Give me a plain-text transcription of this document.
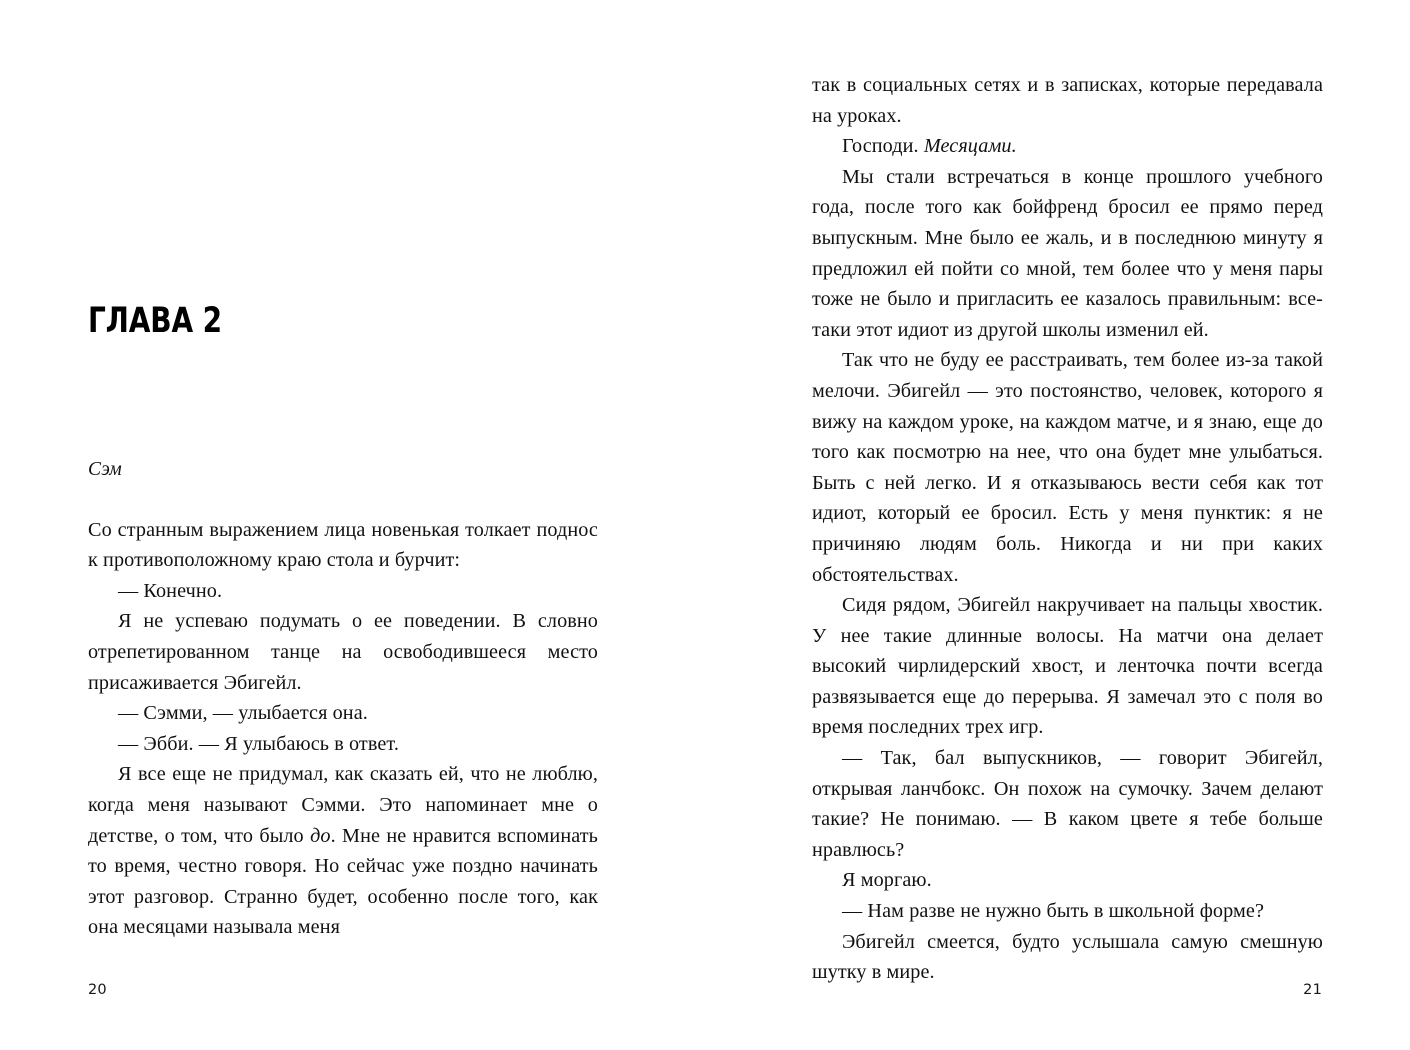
ГЛАВА 2

Сэм

Со странным выражением лица новенькая толкает поднос к противоположному краю стола и бурчит:

— Конечно.

Я не успеваю подумать о ее поведении. В словно отрепетированном танце на освободившееся место присаживается Эбигейл.

— Сэмми, — улыбается она.

— Эбби. — Я улыбаюсь в ответ.

Я все еще не придумал, как сказать ей, что не люблю, когда меня называют Сэмми. Это напоминает мне о детстве, о том, что было до. Мне не нравится вспоминать то время, честно говоря. Но сейчас уже поздно начинать этот разговор. Странно будет, особенно после того, как она месяцами называла меня

20

так в социальных сетях и в записках, которые передавала на уроках.

Господи. Месяцами.

Мы стали встречаться в конце прошлого учебного года, после того как бойфренд бросил ее прямо перед выпускным. Мне было ее жаль, и в последнюю минуту я предложил ей пойти со мной, тем более что у меня пары тоже не было и пригласить ее казалось правильным: все-таки этот идиот из другой школы изменил ей.

Так что не буду ее расстраивать, тем более из-за такой мелочи. Эбигейл — это постоянство, человек, которого я вижу на каждом уроке, на каждом матче, и я знаю, еще до того как посмотрю на нее, что она будет мне улыбаться. Быть с ней легко. И я отказываюсь вести себя как тот идиот, который ее бросил. Есть у меня пунктик: я не причиняю людям боль. Никогда и ни при каких обстоятельствах.

Сидя рядом, Эбигейл накручивает на пальцы хвостик. У нее такие длинные волосы. На матчи она делает высокий чирлидерский хвост, и ленточка почти всегда развязывается еще до перерыва. Я замечал это с поля во время последних трех игр.

— Так, бал выпускников, — говорит Эбигейл, открывая ланчбокс. Он похож на сумочку. Зачем делают такие? Не понимаю. — В каком цвете я тебе больше нравлюсь?

Я моргаю.

— Нам разве не нужно быть в школьной форме?

Эбигейл смеется, будто услышала самую смешную шутку в мире.

21
